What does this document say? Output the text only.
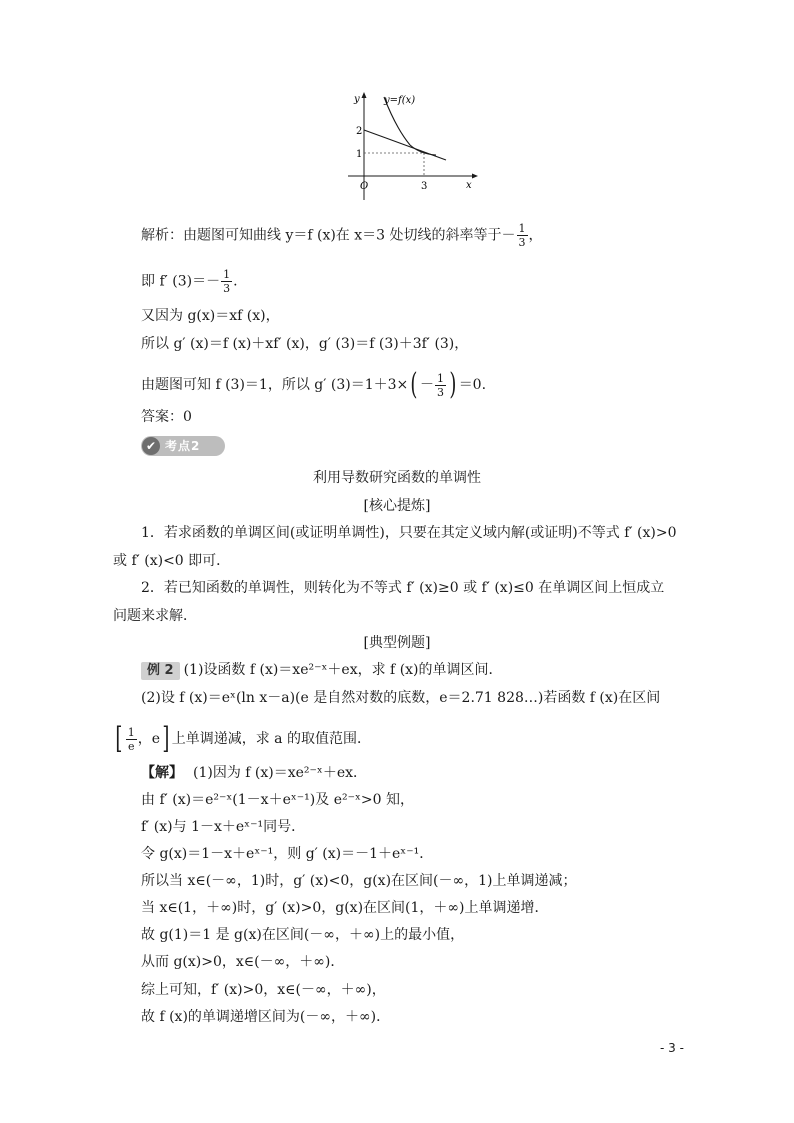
y y=f(x)
2
1
O	3	x
解析：由题图可知曲线 y＝f (x)在 x＝3 处切线的斜率等于－ $\frac{1}{3}$ ，
即 f′ $(3)=- \frac{1}{3}$ .
又因为 g(x)＝xf (x)，
所以 g′ (x)＝f (x)＋xf′ (x)，g′ (3)＝f (3)＋3f′ (3)，
由题图可知 f (3)＝1，所以 g′ $(3)=1+3\times( - \frac{1}{3}$ ) ＝0.
答案：0
✔ 考点2
利用导数研究函数的单调性
[核心提炼]
1．若求函数的单调区间(或证明单调性)，只要在其定义域内解(或证明)不等式 f′ (x)>0
或 f′ (x)<0 即可．
2．若已知函数的单调性，则转化为不等式 f′ (x)≥0 或 f′ (x)≤0 在单调区间上恒成立
问题来求解．
[典型例题]
例 2 (1)设函数 f (x)＝xe²⁻ˣ＋ex，求 f (x)的单调区间．
(2)设 f (x)＝eˣ(ln x－a)(e 是自然对数的底数，e＝2.71 828…)若函数 f (x)在区间
[ $\frac{1}{e}$ ，e] 上单调递减，求 a 的取值范围．
【解】 (1)因为 f (x)＝xe²⁻ˣ＋ex．
由 f′ (x)＝e²⁻ˣ(1－x＋eˣ⁻¹)及 e²⁻ˣ>0 知，
f′ (x)与 1－x＋eˣ⁻¹同号．
令 g(x)＝1－x＋eˣ⁻¹，则 g′ (x)＝－1＋eˣ⁻¹．
所以当 x∈(－∞，1)时，g′ (x)<0，g(x)在区间(－∞，1)上单调递减；
当 x∈(1，＋∞)时，g′ (x)>0，g(x)在区间(1，＋∞)上单调递增．
故 g(1)＝1 是 g(x)在区间(－∞，＋∞)上的最小值，
从而 g(x)>0，x∈(－∞，＋∞)．
综上可知，f′ (x)>0，x∈(－∞，＋∞)，
故 f (x)的单调递增区间为(－∞，＋∞)．
- 3 -
